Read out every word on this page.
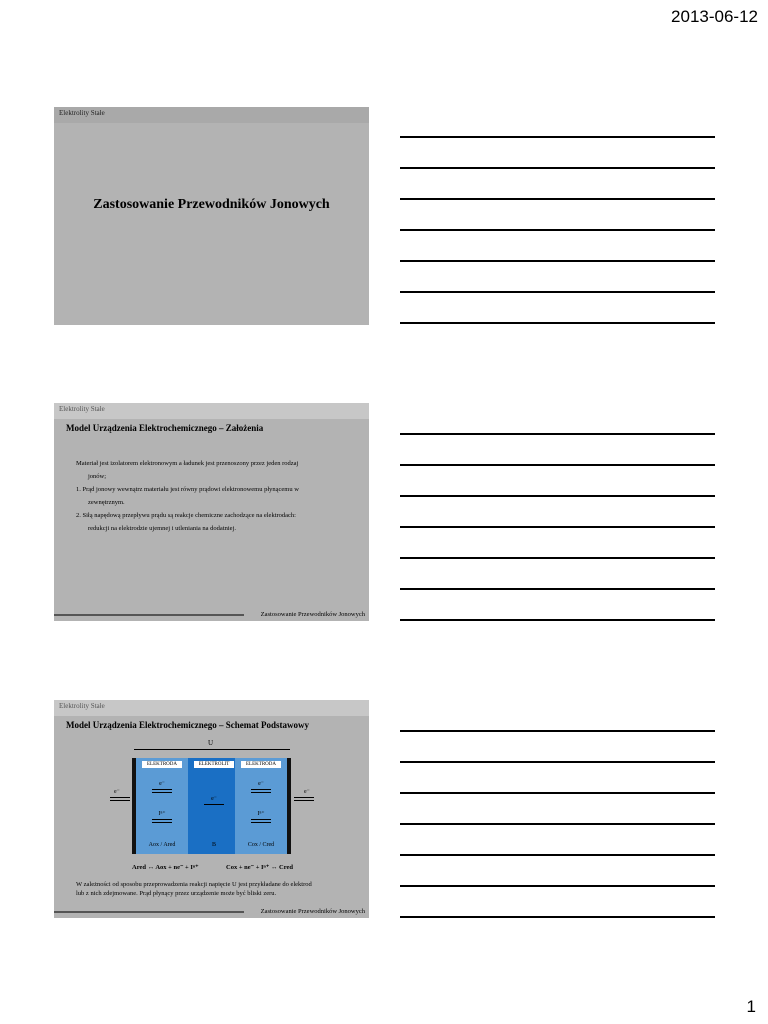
2013-06-12
Elektrolity Stałe
Zastosowanie Przewodników Jonowych
Elektrolity Stałe
Model Urządzenia Elektrochemicznego – Założenia

Materiał jest izolatorem elektronowym a ładunek jest przenoszony przez jeden rodzaj

jonów;

1. Prąd jonowy wewnątrz materiału jest równy prądowi elektronowemu płynącemu w

zewnętrznym.

2. Siłą napędową przepływu prądu są reakcje chemiczne zachodzące na elektrodach:

redukcji na elektrodzie ujemnej i utleniania na dodatniej.

Zastosowanie Przewodników Jonowych
Elektrolity Stałe
Model Urządzenia Elektrochemicznego – Schemat Podstawowy
U
e⁻	e⁻
ELEKTRODA
e⁻
Iⁿ⁺
Aox / Ared
ELEKTROLIT
e⁻
B
ELEKTRODA
e⁻
Iⁿ⁺
Cox / Cred
Ared ↔ Aox + ne⁻ + Iⁿ⁺	Cox + ne⁻ + Iⁿ⁺ ↔ Cred
W zależności od sposobu przeprowadzenia reakcji napięcie U jest przykładane do elektrod
lub z nich zdejmowane. Prąd płynący przez urządzenie może być bliski zeru.
Zastosowanie Przewodników Jonowych
1
